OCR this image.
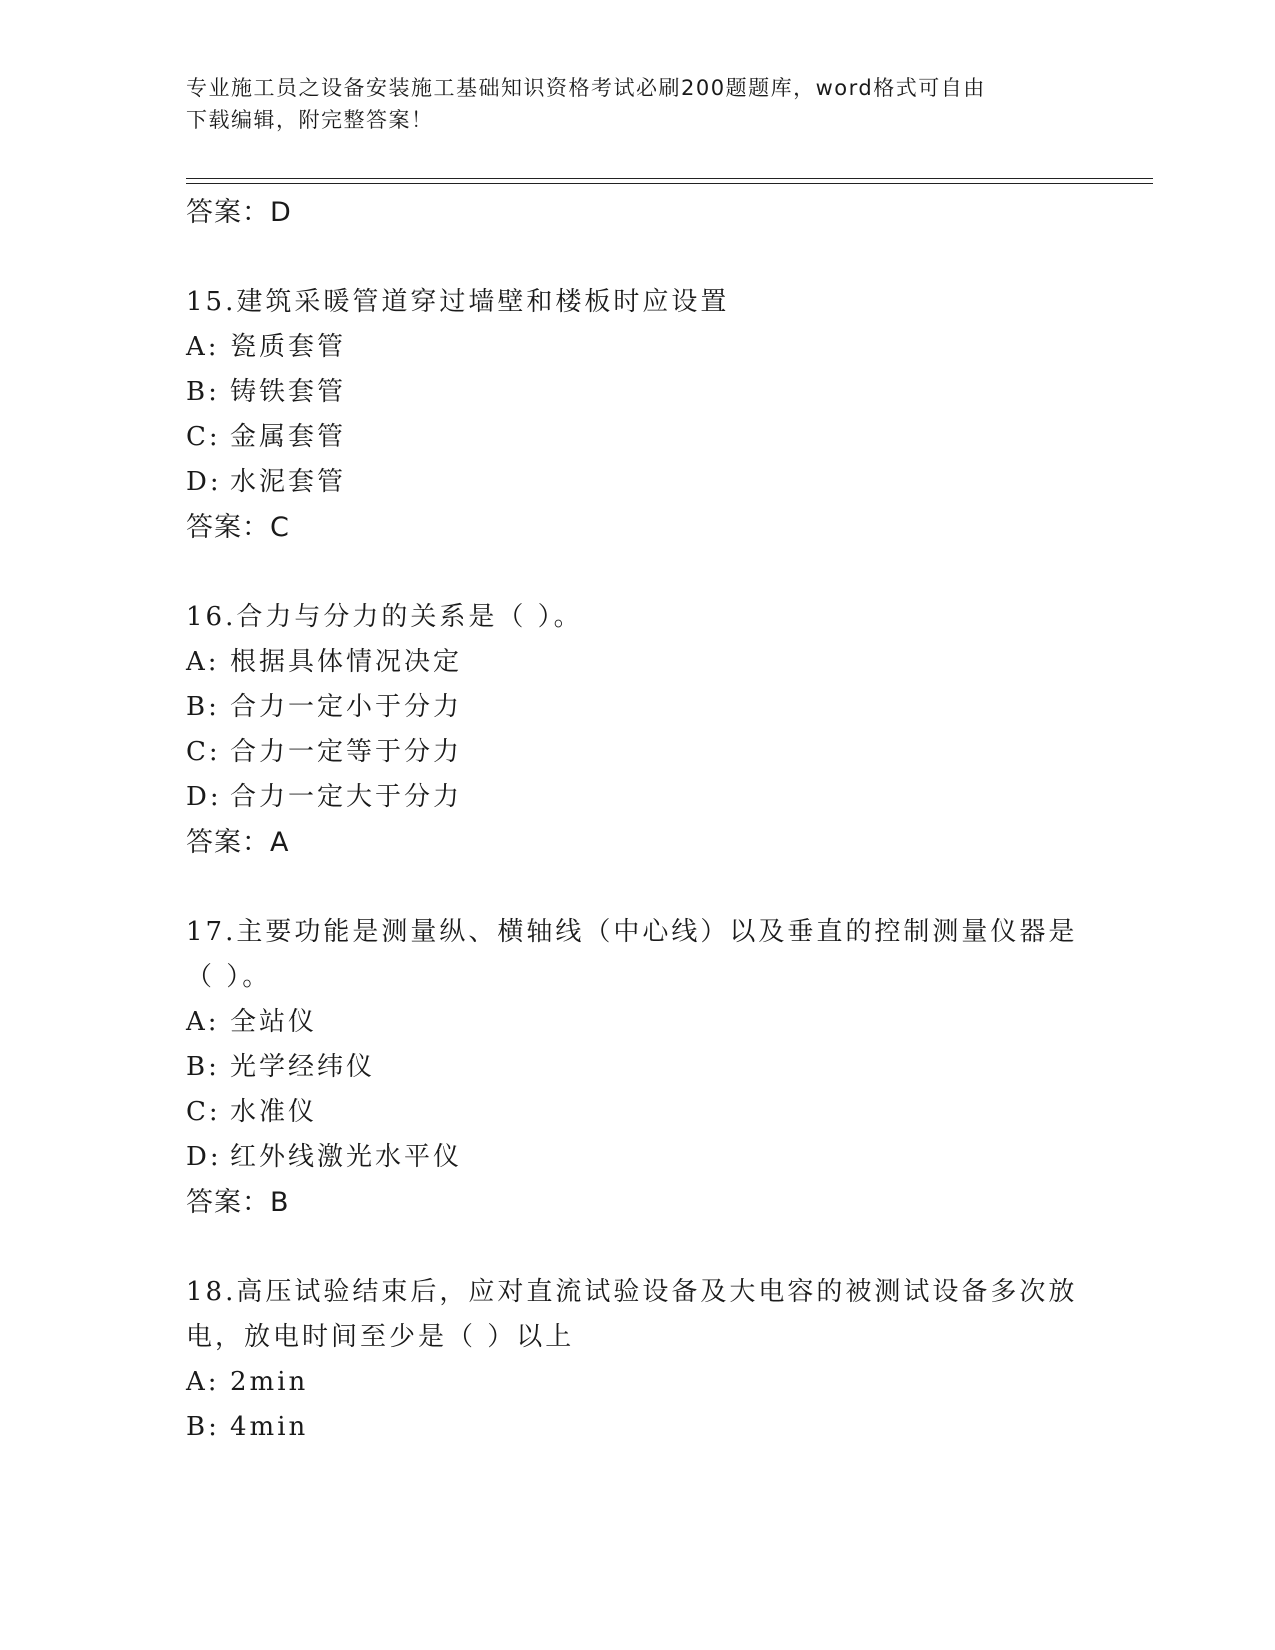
专业施工员之设备安装施工基础知识资格考试必刷200题题库，word格式可自由
下载编辑，附完整答案！
答案：D
15.建筑采暖管道穿过墙壁和楼板时应设置
A: 瓷质套管
B: 铸铁套管
C: 金属套管
D: 水泥套管
答案：C
16.合力与分力的关系是（ ）。
A: 根据具体情况决定
B: 合力一定小于分力
C: 合力一定等于分力
D: 合力一定大于分力
答案：A
17.主要功能是测量纵、横轴线（中心线）以及垂直的控制测量仪器是（ ）。
A: 全站仪
B: 光学经纬仪
C: 水准仪
D: 红外线激光水平仪
答案：B
18.高压试验结束后，应对直流试验设备及大电容的被测试设备多次放电，放电时间至少是（ ）以上
A: 2min
B: 4min
